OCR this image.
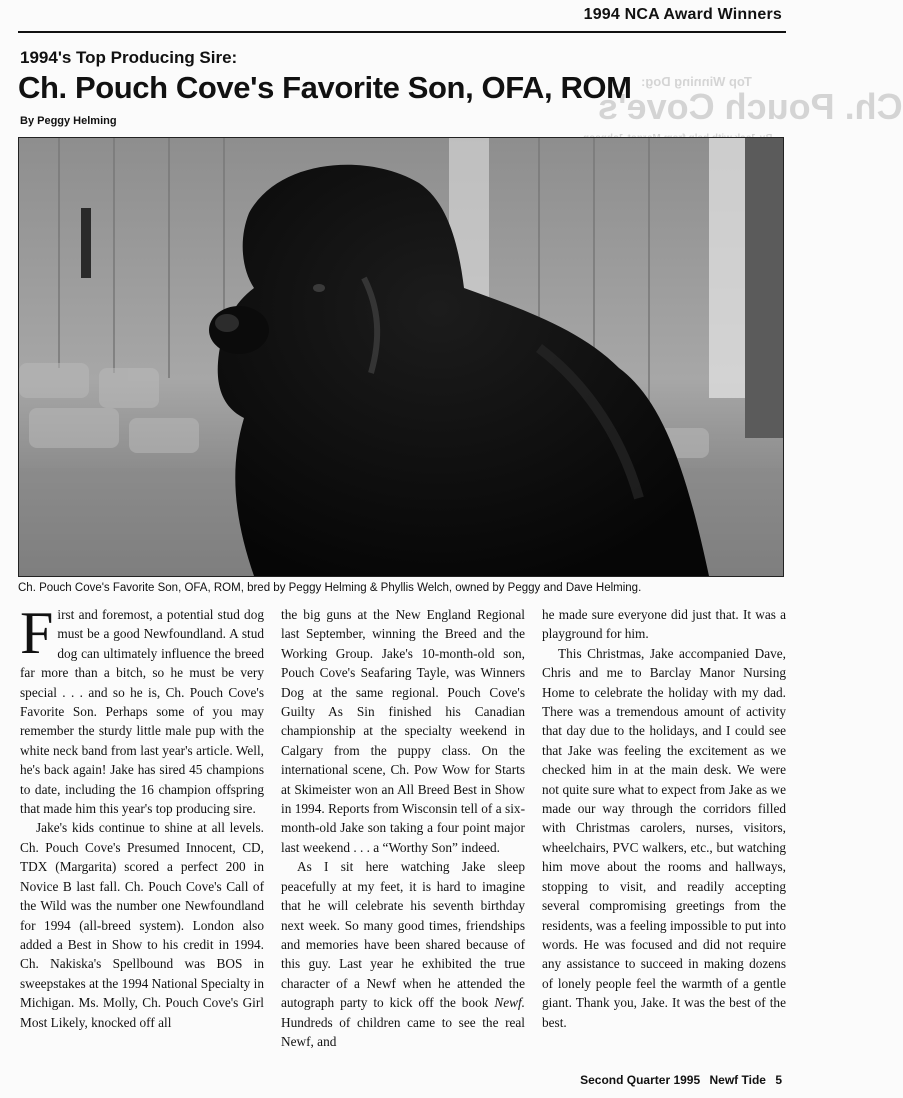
1994 NCA Award Winners
Top Winning Dog:
Ch. Pouch Cove's
1994's Top Producing Sire:
Ch. Pouch Cove's Favorite Son, OFA, ROM
By Peggy Helming
Ch. Pouch Cove's Favorite Son, OFA, ROM, bred by Peggy Helming & Phyllis Welch, owned by Peggy and Dave Helming.

First and foremost, a potential stud dog must be a good Newfoundland. A stud dog can ultimately influence the breed far more than a bitch, so he must be very special . . . and so he is, Ch. Pouch Cove's Favorite Son. Perhaps some of you may remember the sturdy little male pup with the white neck band from last year's article. Well, he's back again! Jake has sired 45 champions to date, including the 16 champion offspring that made him this year's top producing sire.

Jake's kids continue to shine at all levels. Ch. Pouch Cove's Presumed Innocent, CD, TDX (Margarita) scored a perfect 200 in Novice B last fall. Ch. Pouch Cove's Call of the Wild was the number one Newfoundland for 1994 (all-breed system). London also added a Best in Show to his credit in 1994. Ch. Nakiska's Spellbound was BOS in sweepstakes at the 1994 National Specialty in Michigan. Ms. Molly, Ch. Pouch Cove's Girl Most Likely, knocked off all

the big guns at the New England Regional last September, winning the Breed and the Working Group. Jake's 10-month-old son, Pouch Cove's Seafaring Tayle, was Winners Dog at the same regional. Pouch Cove's Guilty As Sin finished his Canadian championship at the specialty weekend in Calgary from the puppy class. On the international scene, Ch. Pow Wow for Starts at Skimeister won an All Breed Best in Show in 1994. Reports from Wisconsin tell of a six-month-old Jake son taking a four point major last weekend . . . a “Worthy Son” indeed.

As I sit here watching Jake sleep peacefully at my feet, it is hard to imagine that he will celebrate his seventh birthday next week. So many good times, friendships and memories have been shared because of this guy. Last year he exhibited the true character of a Newf when he attended the autograph party to kick off the book Newf. Hundreds of children came to see the real Newf, and

he made sure everyone did just that. It was a playground for him.

This Christmas, Jake accompanied Dave, Chris and me to Barclay Manor Nursing Home to celebrate the holiday with my dad. There was a tremendous amount of activity that day due to the holidays, and I could see that Jake was feeling the excitement as we checked him in at the main desk. We were not quite sure what to expect from Jake as we made our way through the corridors filled with Christmas carolers, nurses, visitors, wheelchairs, PVC walkers, etc., but watching him move about the rooms and hallways, stopping to visit, and readily accepting several compromising greetings from the residents, was a feeling impossible to put into words. He was focused and did not require any assistance to succeed in making dozens of lonely people feel the warmth of a gentle giant. Thank you, Jake. It was the best of the best.

Second Quarter 1995 Newf Tide 5
